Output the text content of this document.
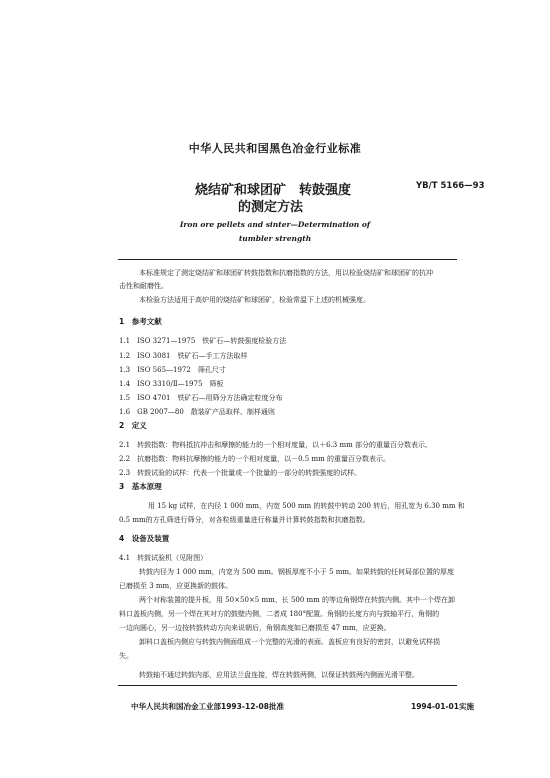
中华人民共和国黑色冶金行业标准
烧结矿和球团矿　转鼓强度
的测定方法
YB/T 5166—93
Iron ore pellets and sinter—Determination of
tumbler strength
本标准规定了测定烧结矿和球团矿转鼓指数和抗磨指数的方法，用以检验烧结矿和球团矿的抗冲
击性和耐磨性。
本检验方法适用于高炉用的烧结矿和球团矿，检验常温下上述的机械强度。
1　参考文献
1.1　ISO 3271—1975　铁矿石—转鼓强度检验方法
1.2　ISO 3081　铁矿石—手工方法取样
1.3　ISO 565—1972　筛孔尺寸
1.4　ISO 3310/Ⅱ—1975　筛板
1.5　ISO 4701　铁矿石—用筛分方法确定粒度分布
1.6　GB 2007—80　散装矿产品取样、制样通则
2　定义
2.1　转鼓指数：物料抵抗冲击和摩擦的能力的一个相对度量，以＋6.3 mm 部分的重量百分数表示。
2.2　抗磨指数：物料抗摩擦的能力的一个相对度量，以－0.5 mm 的重量百分数表示。
2.3　转鼓试验的试样：代表一个批量或一个批量的一部分的转鼓强度的试样。
3　基本原理
用 15 kg 试样，在内径 1 000 mm，内宽 500 mm 的转鼓中转动 200 转后，用孔宽为 6.30 mm 和
0.5 mm的方孔筛进行筛分，对各粒级重量进行称量并计算转鼓指数和抗磨指数。
4　设备及装置
4.1　转鼓试验机（见附图）
转鼓内径为 1 000 mm，内宽为 500 mm。钢板厚度不小于 5 mm。如果转鼓的任何局部位置的厚度
已磨损至 3 mm，应更换新的鼓体。
两个对称装置的提升板，用 50×50×5 mm、长 500 mm 的等边角钢焊在转鼓内侧。其中一个焊在卸
料口盖板内侧，另一个焊在其对方的鼓壁内侧，二者成 180°配置。角钢的长度方向与鼓轴平行，角钢的
一边向圆心，另一边按转鼓转动方向来说朝后，角钢高度如已磨损至 47 mm，应更换。
卸料口盖板内侧应与转鼓内侧面组成一个完整的光滑的表面。盖板应有良好的密封，以避免试样损
失。
转鼓轴不通过转鼓内部，应用法兰盘连接，焊在转鼓两侧，以保证转鼓两内侧面光滑平整。
中华人民共和国冶金工业部1993-12-08批准	1994-01-01实施
